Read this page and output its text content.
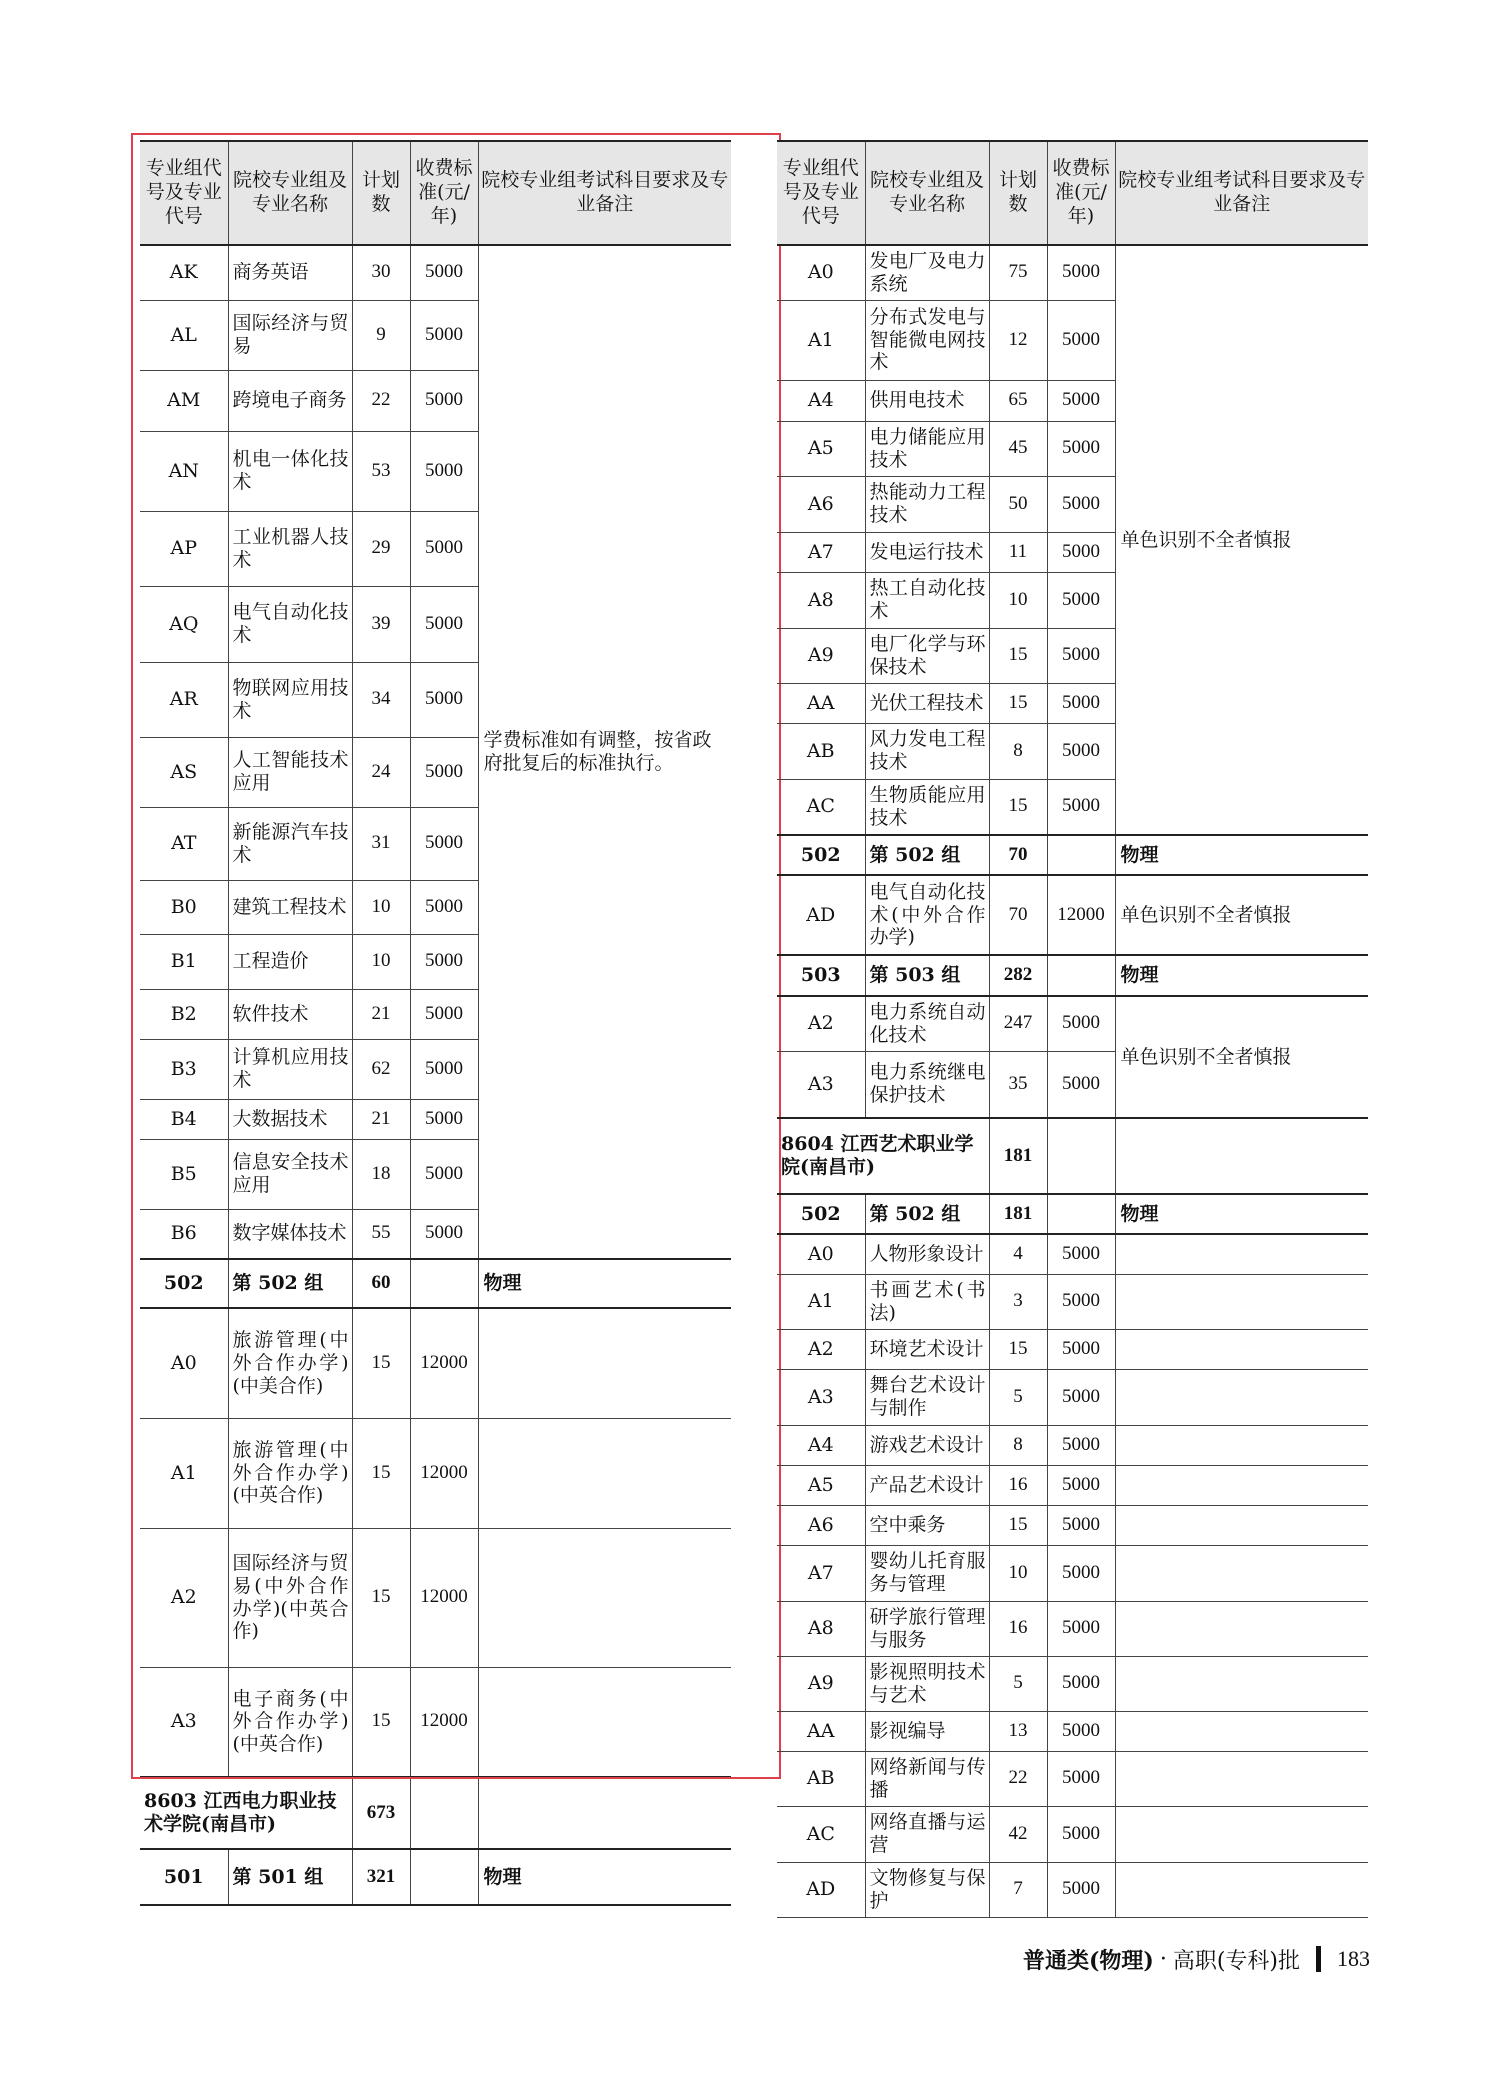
专业组代号及专业代号	院校专业组及专业名称	计划数	收费标准(元/年)	院校专业组考试科目要求及专业备注
AK	商务英语	30	5000	学费标准如有调整，按省政府批复后的标准执行。
AL	国际经济与贸易	9	5000	
AM	跨境电子商务	22	5000	
AN	机电一体化技术	53	5000	
AP	工业机器人技术	29	5000	
AQ	电气自动化技术	39	5000	
AR	物联网应用技术	34	5000	
AS	人工智能技术应用	24	5000	
AT	新能源汽车技术	31	5000	
B0	建筑工程技术	10	5000	
B1	工程造价	10	5000	
B2	软件技术	21	5000	
B3	计算机应用技术	62	5000	
B4	大数据技术	21	5000	
B5	信息安全技术应用	18	5000	
B6	数字媒体技术	55	5000	
502	第 502 组	60		物理
A0	旅游管理(中外合作办学)(中美合作)	15	12000	
A1	旅游管理(中外合作办学)(中英合作)	15	12000	
A2	国际经济与贸易(中外合作办学)(中英合作)	15	12000	
A3	电子商务(中外合作办学)(中英合作)	15	12000	
8603 江西电力职业技术学院(南昌市)		673		
501	第 501 组	321		物理
专业组代号及专业代号	院校专业组及专业名称	计划数	收费标准(元/年)	院校专业组考试科目要求及专业备注
A0	发电厂及电力系统	75	5000	单色识别不全者慎报
A1	分布式发电与智能微电网技术	12	5000	
A4	供用电技术	65	5000	
A5	电力储能应用技术	45	5000	
A6	热能动力工程技术	50	5000	
A7	发电运行技术	11	5000	
A8	热工自动化技术	10	5000	
A9	电厂化学与环保技术	15	5000	
AA	光伏工程技术	15	5000	
AB	风力发电工程技术	8	5000	
AC	生物质能应用技术	15	5000	
502	第 502 组	70		物理
AD	电气自动化技术(中外合作办学)	70	12000	单色识别不全者慎报
503	第 503 组	282		物理
A2	电力系统自动化技术	247	5000	单色识别不全者慎报
A3	电力系统继电保护技术	35	5000	
8604 江西艺术职业学院(南昌市)		181		
502	第 502 组	181		物理
A0	人物形象设计	4	5000	
A1	书画艺术(书法)	3	5000	
A2	环境艺术设计	15	5000	
A3	舞台艺术设计与制作	5	5000	
A4	游戏艺术设计	8	5000	
A5	产品艺术设计	16	5000	
A6	空中乘务	15	5000	
A7	婴幼儿托育服务与管理	10	5000	
A8	研学旅行管理与服务	16	5000	
A9	影视照明技术与艺术	5	5000	
AA	影视编导	13	5000	
AB	网络新闻与传播	22	5000	
AC	网络直播与运营	42	5000	
AD	文物修复与保护	7	5000	
普通类(物理) · 高职(专科)批 183
